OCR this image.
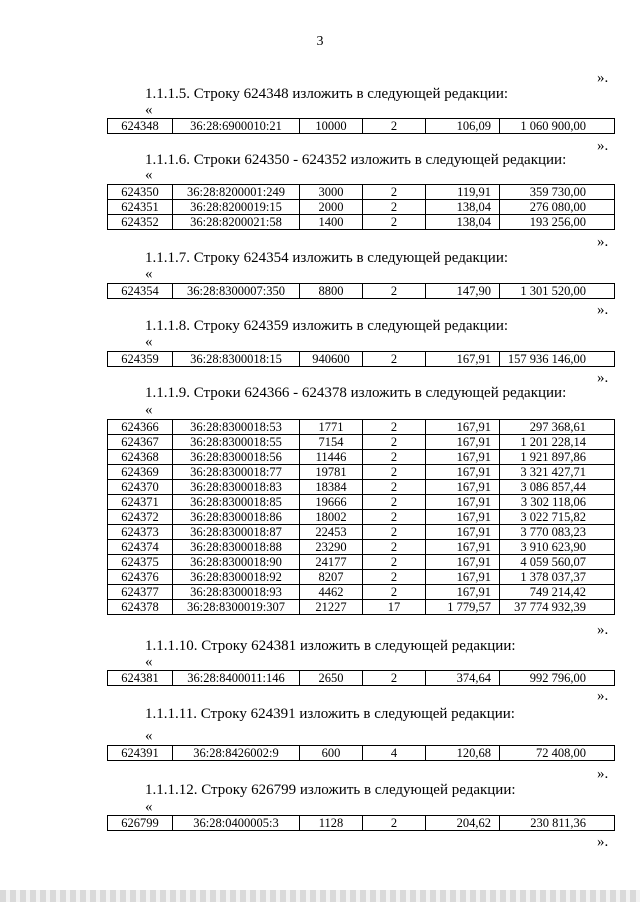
3
».
1.1.1.5. Строку 624348 изложить в следующей редакции:
«
624348	36:28:6900010:21	10000	2	106,09	1 060 900,00
».
1.1.1.6. Строки 624350 - 624352 изложить в следующей редакции:
«
624350	36:28:8200001:249	3000	2	119,91	359 730,00
624351	36:28:8200019:15	2000	2	138,04	276 080,00
624352	36:28:8200021:58	1400	2	138,04	193 256,00
».
1.1.1.7. Строку 624354 изложить в следующей редакции:
«
624354	36:28:8300007:350	8800	2	147,90	1 301 520,00
».
1.1.1.8. Строку 624359 изложить в следующей редакции:
«
624359	36:28:8300018:15	940600	2	167,91	157 936 146,00
».
1.1.1.9. Строки 624366 - 624378 изложить в следующей редакции:
«
624366	36:28:8300018:53	1771	2	167,91	297 368,61
624367	36:28:8300018:55	7154	2	167,91	1 201 228,14
624368	36:28:8300018:56	11446	2	167,91	1 921 897,86
624369	36:28:8300018:77	19781	2	167,91	3 321 427,71
624370	36:28:8300018:83	18384	2	167,91	3 086 857,44
624371	36:28:8300018:85	19666	2	167,91	3 302 118,06
624372	36:28:8300018:86	18002	2	167,91	3 022 715,82
624373	36:28:8300018:87	22453	2	167,91	3 770 083,23
624374	36:28:8300018:88	23290	2	167,91	3 910 623,90
624375	36:28:8300018:90	24177	2	167,91	4 059 560,07
624376	36:28:8300018:92	8207	2	167,91	1 378 037,37
624377	36:28:8300018:93	4462	2	167,91	749 214,42
624378	36:28:8300019:307	21227	17	1 779,57	37 774 932,39
».
1.1.1.10. Строку 624381 изложить в следующей редакции:
«
624381	36:28:8400011:146	2650	2	374,64	992 796,00
».
1.1.1.11. Строку 624391 изложить в следующей редакции:
«
624391	36:28:8426002:9	600	4	120,68	72 408,00
».
1.1.1.12. Строку 626799 изложить в следующей редакции:
«
626799	36:28:0400005:3	1128	2	204,62	230 811,36
».
